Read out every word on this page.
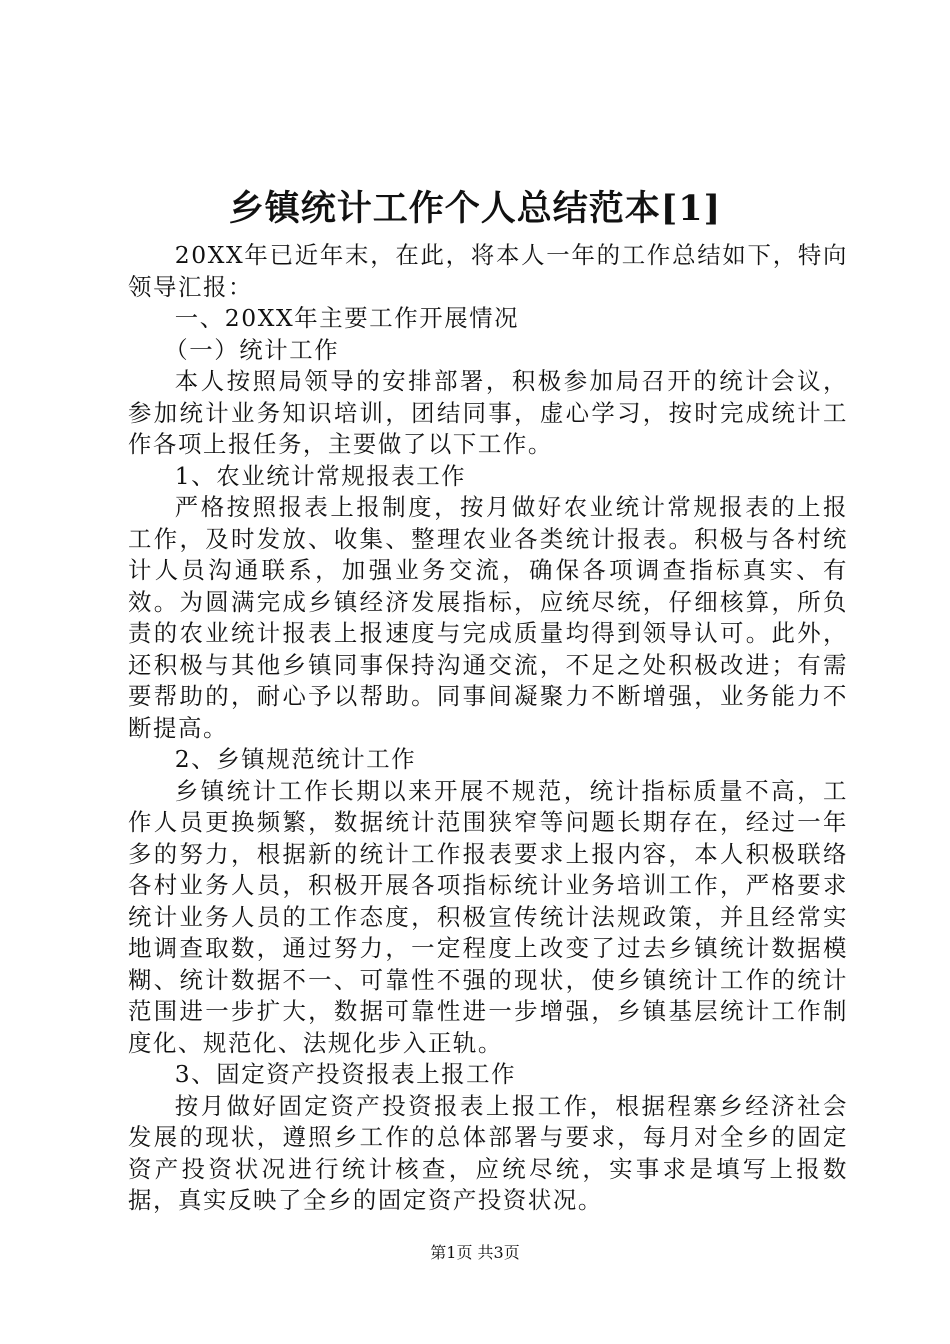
乡镇统计工作个人总结范本[1]

20XX年已近年末，在此，将本人一年的工作总结如下，特向领导汇报：

一、20XX年主要工作开展情况

（一）统计工作

本人按照局领导的安排部署，积极参加局召开的统计会议，参加统计业务知识培训，团结同事，虚心学习，按时完成统计工作各项上报任务，主要做了以下工作。

1、农业统计常规报表工作

严格按照报表上报制度，按月做好农业统计常规报表的上报工作，及时发放、收集、整理农业各类统计报表。积极与各村统计人员沟通联系，加强业务交流，确保各项调查指标真实、有效。为圆满完成乡镇经济发展指标，应统尽统，仔细核算，所负责的农业统计报表上报速度与完成质量均得到领导认可。此外，还积极与其他乡镇同事保持沟通交流，不足之处积极改进；有需要帮助的，耐心予以帮助。同事间凝聚力不断增强，业务能力不断提高。

2、乡镇规范统计工作

乡镇统计工作长期以来开展不规范，统计指标质量不高，工作人员更换频繁，数据统计范围狭窄等问题长期存在，经过一年多的努力，根据新的统计工作报表要求上报内容，本人积极联络各村业务人员，积极开展各项指标统计业务培训工作，严格要求统计业务人员的工作态度，积极宣传统计法规政策，并且经常实地调查取数，通过努力，一定程度上改变了过去乡镇统计数据模糊、统计数据不一、可靠性不强的现状，使乡镇统计工作的统计范围进一步扩大，数据可靠性进一步增强，乡镇基层统计工作制度化、规范化、法规化步入正轨。

3、固定资产投资报表上报工作

按月做好固定资产投资报表上报工作，根据程寨乡经济社会发展的现状，遵照乡工作的总体部署与要求，每月对全乡的固定资产投资状况进行统计核查，应统尽统，实事求是填写上报数据，真实反映了全乡的固定资产投资状况。

第1页 共3页
